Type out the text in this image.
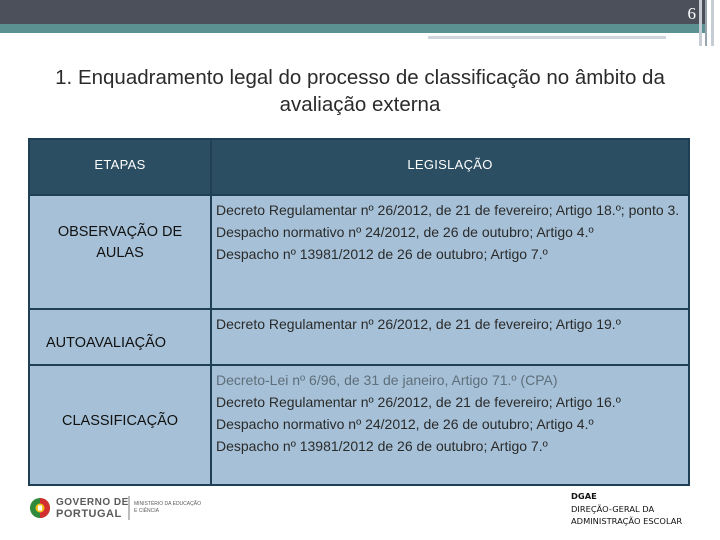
6
1. Enquadramento legal do processo de classificação no âmbito da avaliação externa
ETAPAS	LEGISLAÇÃO
OBSERVAÇÃO DE AULAS
Decreto Regulamentar nº 26/2012, de 21 de fevereiro; Artigo 18.º; ponto 3.
Despacho normativo nº 24/2012, de 26 de outubro; Artigo 4.º
Despacho nº 13981/2012 de 26 de outubro; Artigo 7.º
AUTOAVALIAÇÃO
Decreto Regulamentar nº 26/2012, de 21 de fevereiro; Artigo 19.º
CLASSIFICAÇÃO
Decreto-Lei nº 6/96, de 31 de janeiro, Artigo 71.º (CPA)
Decreto Regulamentar nº 26/2012, de 21 de fevereiro; Artigo 16.º
Despacho normativo nº 24/2012, de 26 de outubro; Artigo 4.º
Despacho nº 13981/2012 de 26 de outubro; Artigo 7.º
GOVERNO DE
PORTUGAL
MINISTÉRIO DA EDUCAÇÃO
E CIÊNCIA
DGAE
DIREÇÃO-GERAL DA
ADMINISTRAÇÃO ESCOLAR
